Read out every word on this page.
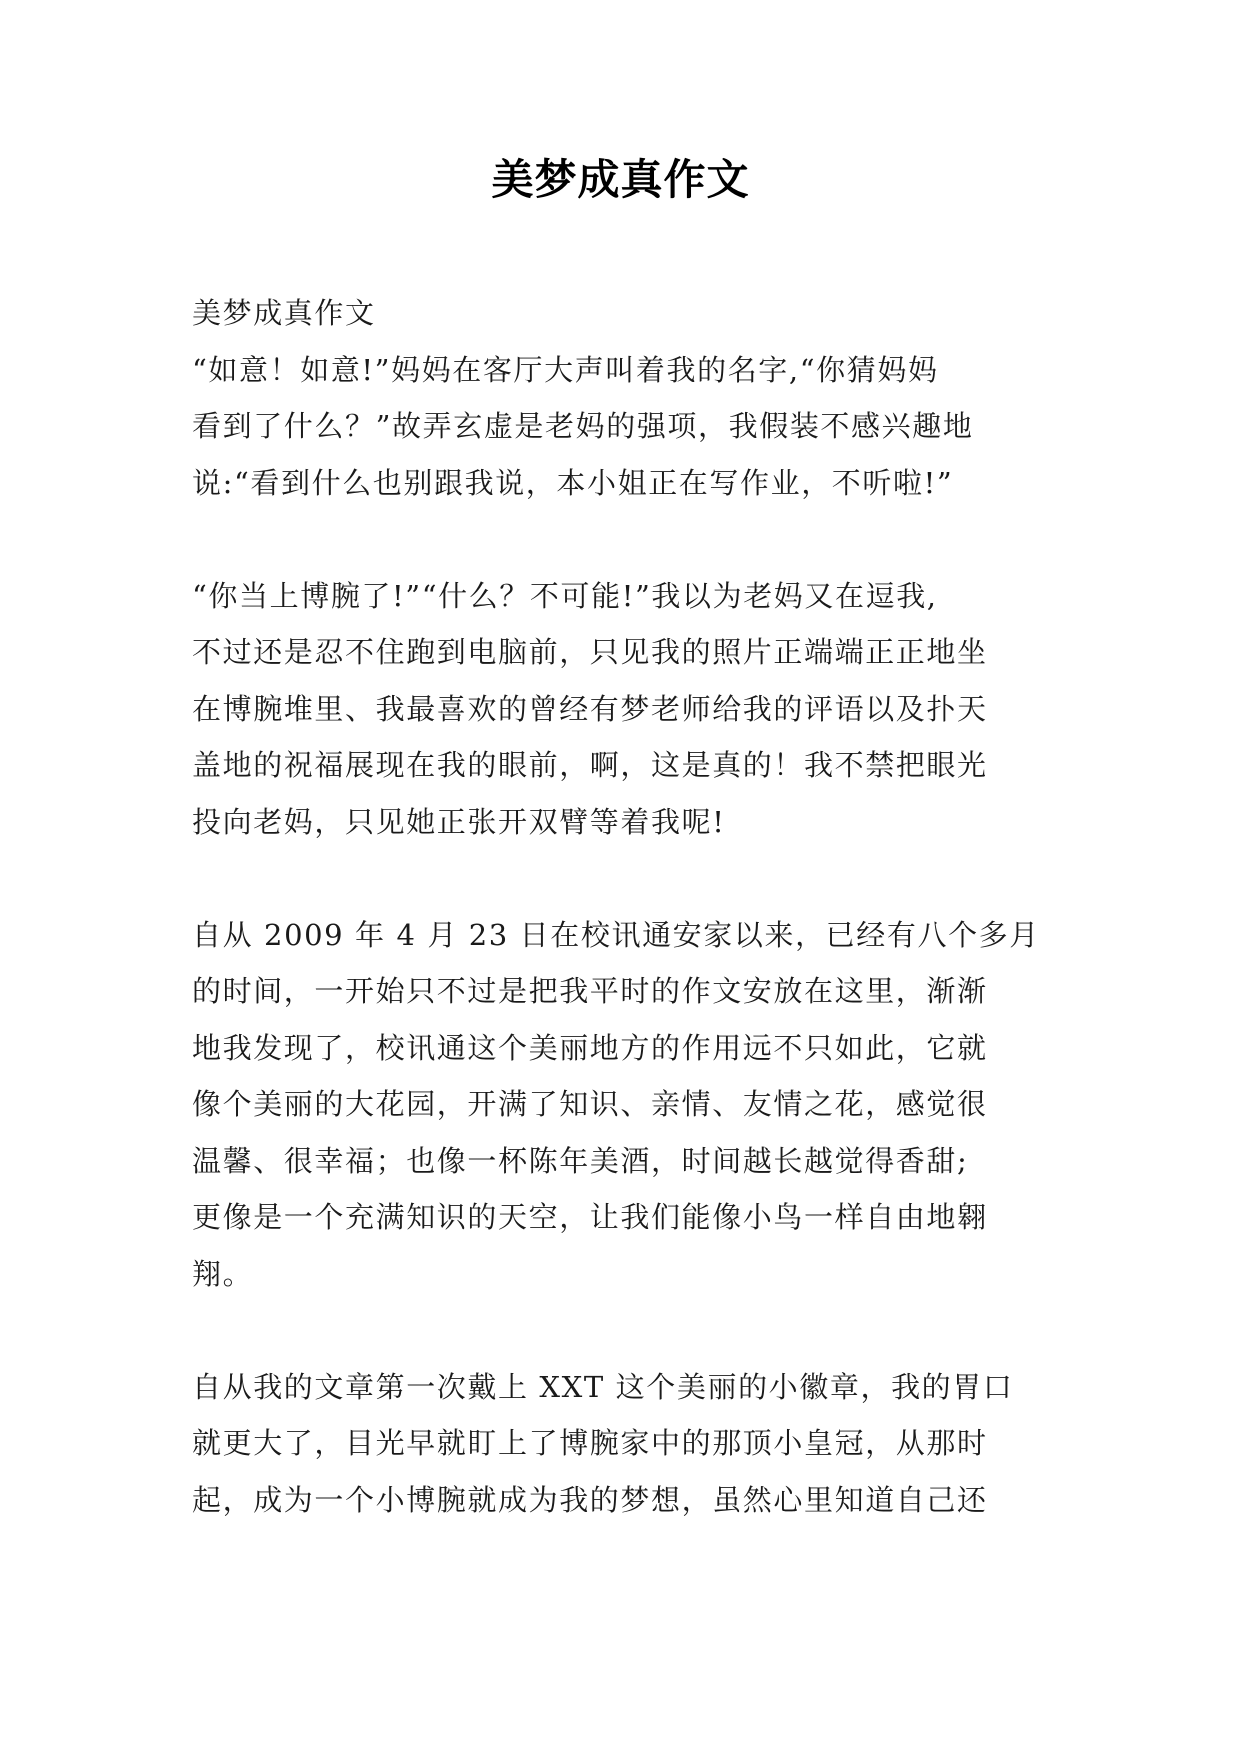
美梦成真作文
美梦成真作文
“如意！如意!”妈妈在客厅大声叫着我的名字,“你猜妈妈
看到了什么？”故弄玄虚是老妈的强项，我假装不感兴趣地
说:“看到什么也别跟我说，本小姐正在写作业，不听啦!”
“你当上博腕了!”“什么？不可能!”我以为老妈又在逗我,
不过还是忍不住跑到电脑前，只见我的照片正端端正正地坐
在博腕堆里、我最喜欢的曾经有梦老师给我的评语以及扑天
盖地的祝福展现在我的眼前，啊，这是真的！我不禁把眼光
投向老妈，只见她正张开双臂等着我呢!
自从 2009 年 4 月 23 日在校讯通安家以来，已经有八个多月
的时间，一开始只不过是把我平时的作文安放在这里，渐渐
地我发现了，校讯通这个美丽地方的作用远不只如此，它就
像个美丽的大花园，开满了知识、亲情、友情之花，感觉很
温馨、很幸福；也像一杯陈年美酒，时间越长越觉得香甜;
更像是一个充满知识的天空，让我们能像小鸟一样自由地翱
翔。
自从我的文章第一次戴上 XXT 这个美丽的小徽章，我的胃口
就更大了，目光早就盯上了博腕家中的那顶小皇冠，从那时
起，成为一个小博腕就成为我的梦想，虽然心里知道自己还
